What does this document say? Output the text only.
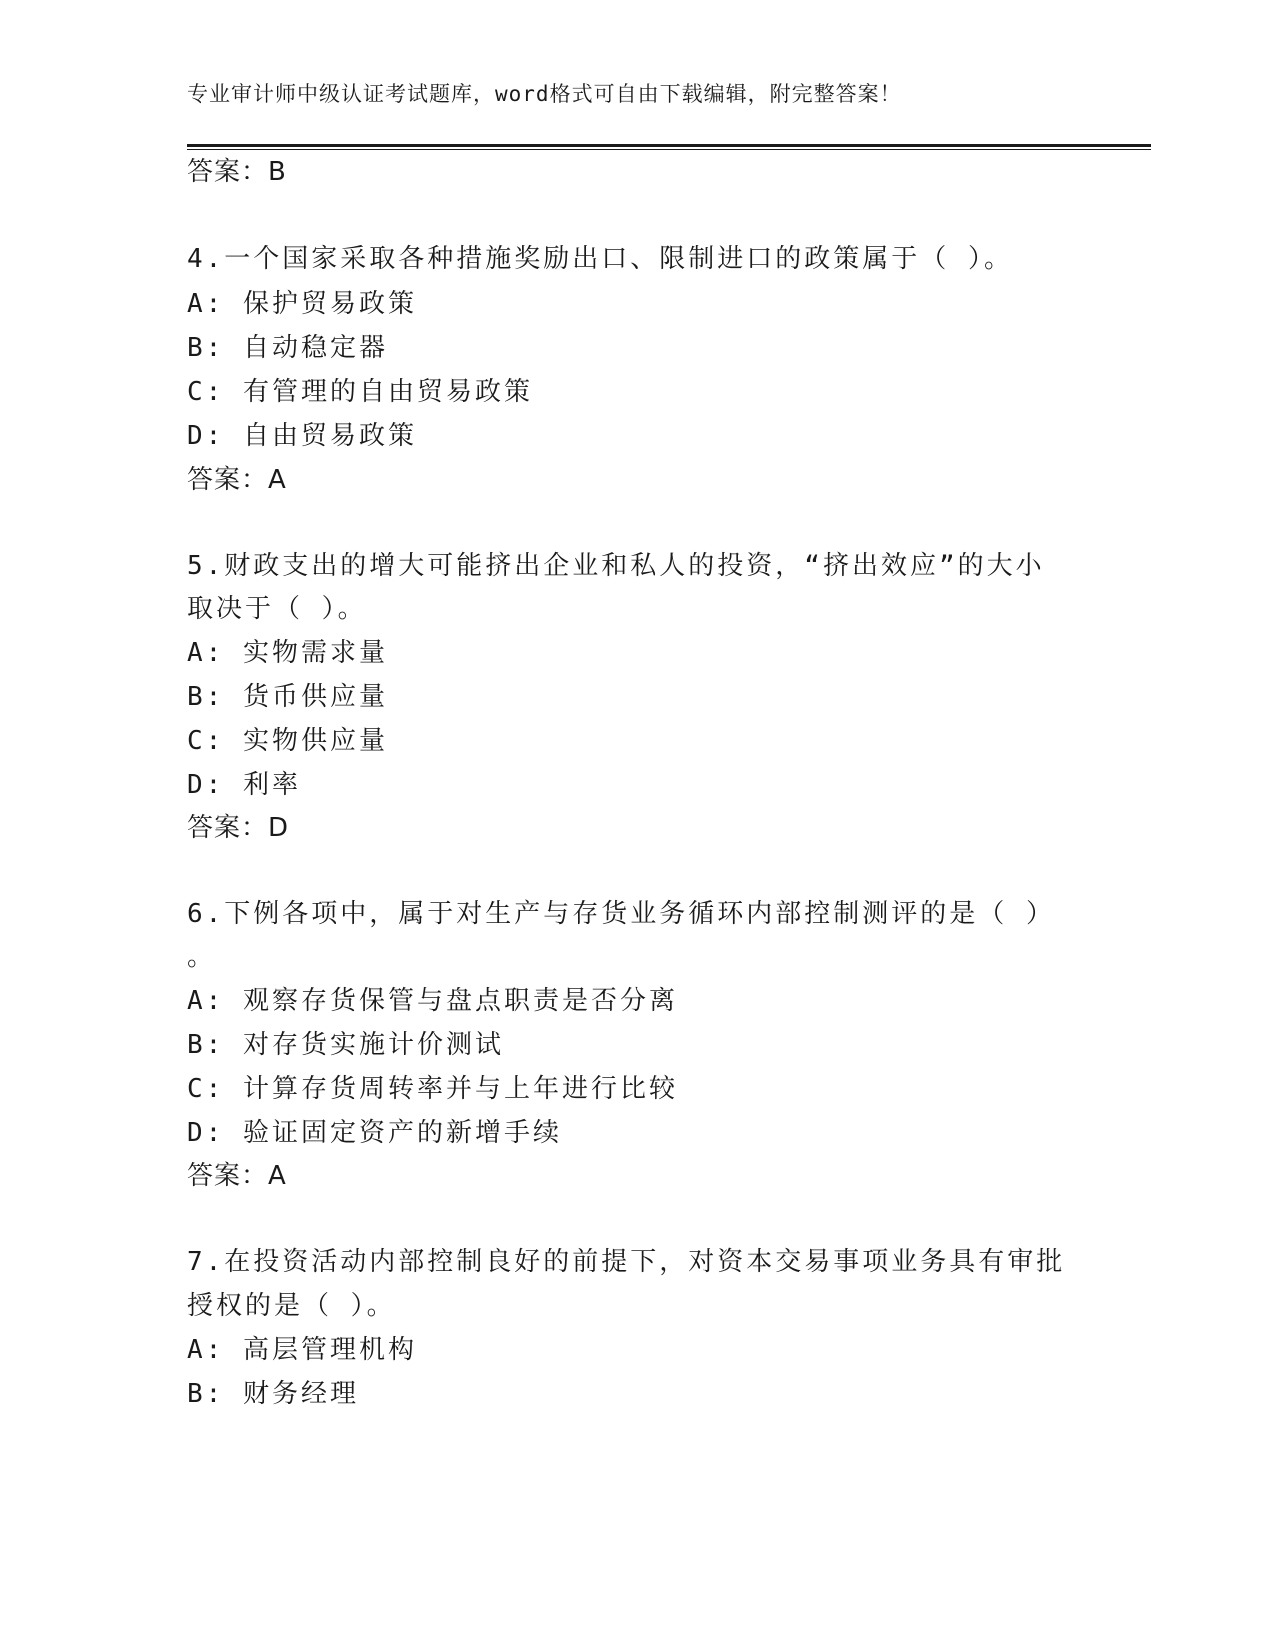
专业审计师中级认证考试题库，word格式可自由下载编辑，附完整答案！
答案：B
4.一个国家采取各种措施奖励出口、限制进口的政策属于（ ）。
A: 保护贸易政策
B: 自动稳定器
C: 有管理的自由贸易政策
D: 自由贸易政策
答案：A
5.财政支出的增大可能挤出企业和私人的投资，“挤出效应”的大小
取决于（ ）。
A: 实物需求量
B: 货币供应量
C: 实物供应量
D: 利率
答案：D
6.下例各项中，属于对生产与存货业务循环内部控制测评的是（ ）
。
A: 观察存货保管与盘点职责是否分离
B: 对存货实施计价测试
C: 计算存货周转率并与上年进行比较
D: 验证固定资产的新增手续
答案：A
7.在投资活动内部控制良好的前提下，对资本交易事项业务具有审批
授权的是（ ）。
A: 高层管理机构
B: 财务经理
